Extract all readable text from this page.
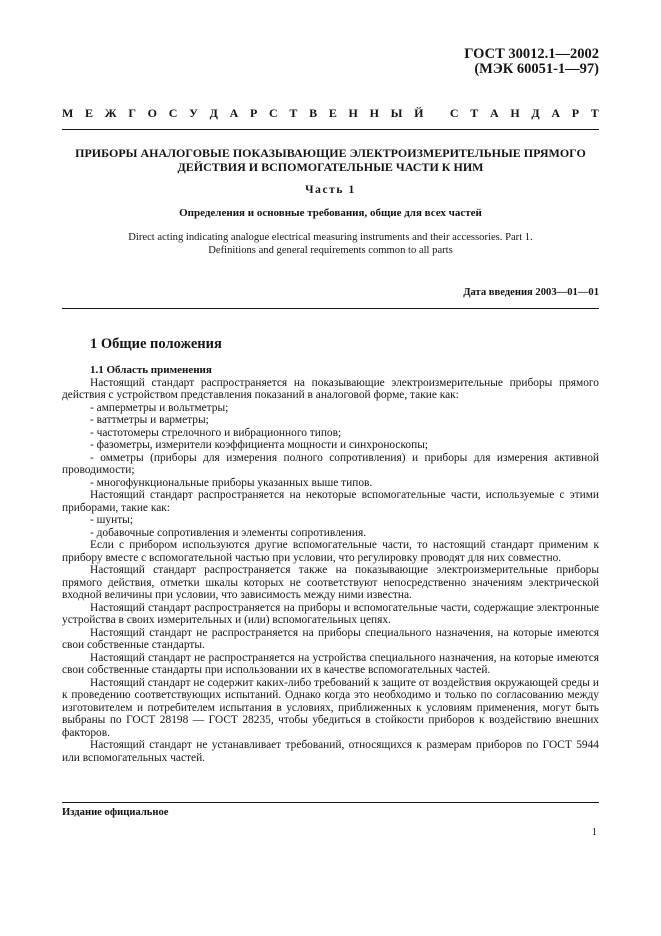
ГОСТ 30012.1—2002
(МЭК 60051-1—97)
М Е Ж Г О С У Д А Р С Т В Е Н Н Ы Й
С Т А Н Д А Р Т
ПРИБОРЫ АНАЛОГОВЫЕ ПОКАЗЫВАЮЩИЕ ЭЛЕКТРОИЗМЕРИТЕЛЬНЫЕ ПРЯМОГО
ДЕЙСТВИЯ И ВСПОМОГАТЕЛЬНЫЕ ЧАСТИ К НИМ
Часть 1
Определения и основные требования, общие для всех частей
Direct acting indicating analogue electrical measuring instruments and their accessories. Part 1.
Definitions and general requirements common to all parts
Дата введения 2003—01—01
1 Общие положения

1.1 Область применения

Настоящий стандарт распространяется на показывающие электроизмерительные приборы прямого действия с устройством представления показаний в аналоговой форме, такие как:

- амперметры и вольтметры;

- ваттметры и варметры;

- частотомеры стрелочного и вибрационного типов;

- фазометры, измерители коэффициента мощности и синхроноскопы;

- омметры (приборы для измерения полного сопротивления) и приборы для измерения активной проводимости;

- многофункциональные приборы указанных выше типов.

Настоящий стандарт распространяется на некоторые вспомогательные части, используемые с этими приборами, такие как:

- шунты;

- добавочные сопротивления и элементы сопротивления.

Если с прибором используются другие вспомогательные части, то настоящий стандарт применим к прибору вместе с вспомогательной частью при условии, что регулировку проводят для них совместно.

Настоящий стандарт распространяется также на показывающие электроизмерительные приборы прямого действия, отметки шкалы которых не соответствуют непосредственно значениям электрической входной величины при условии, что зависимость между ними известна.

Настоящий стандарт распространяется на приборы и вспомогательные части, содержащие электронные устройства в своих измерительных и (или) вспомогательных цепях.

Настоящий стандарт не распространяется на приборы специального назначения, на которые имеются свои собственные стандарты.

Настоящий стандарт не распространяется на устройства специального назначения, на которые имеются свои собственные стандарты при использовании их в качестве вспомогательных частей.

Настоящий стандарт не содержит каких-либо требований к защите от воздействия окружающей среды и к проведению соответствующих испытаний. Однако когда это необходимо и только по согласованию между изготовителем и потребителем испытания в условиях, приближенных к условиям применения, могут быть выбраны по ГОСТ 28198 — ГОСТ 28235, чтобы убедиться в стойкости приборов к воздействию внешних факторов.

Настоящий стандарт не устанавливает требований, относящихся к размерам приборов по ГОСТ 5944 или вспомогательных частей.

Издание официальное
1
